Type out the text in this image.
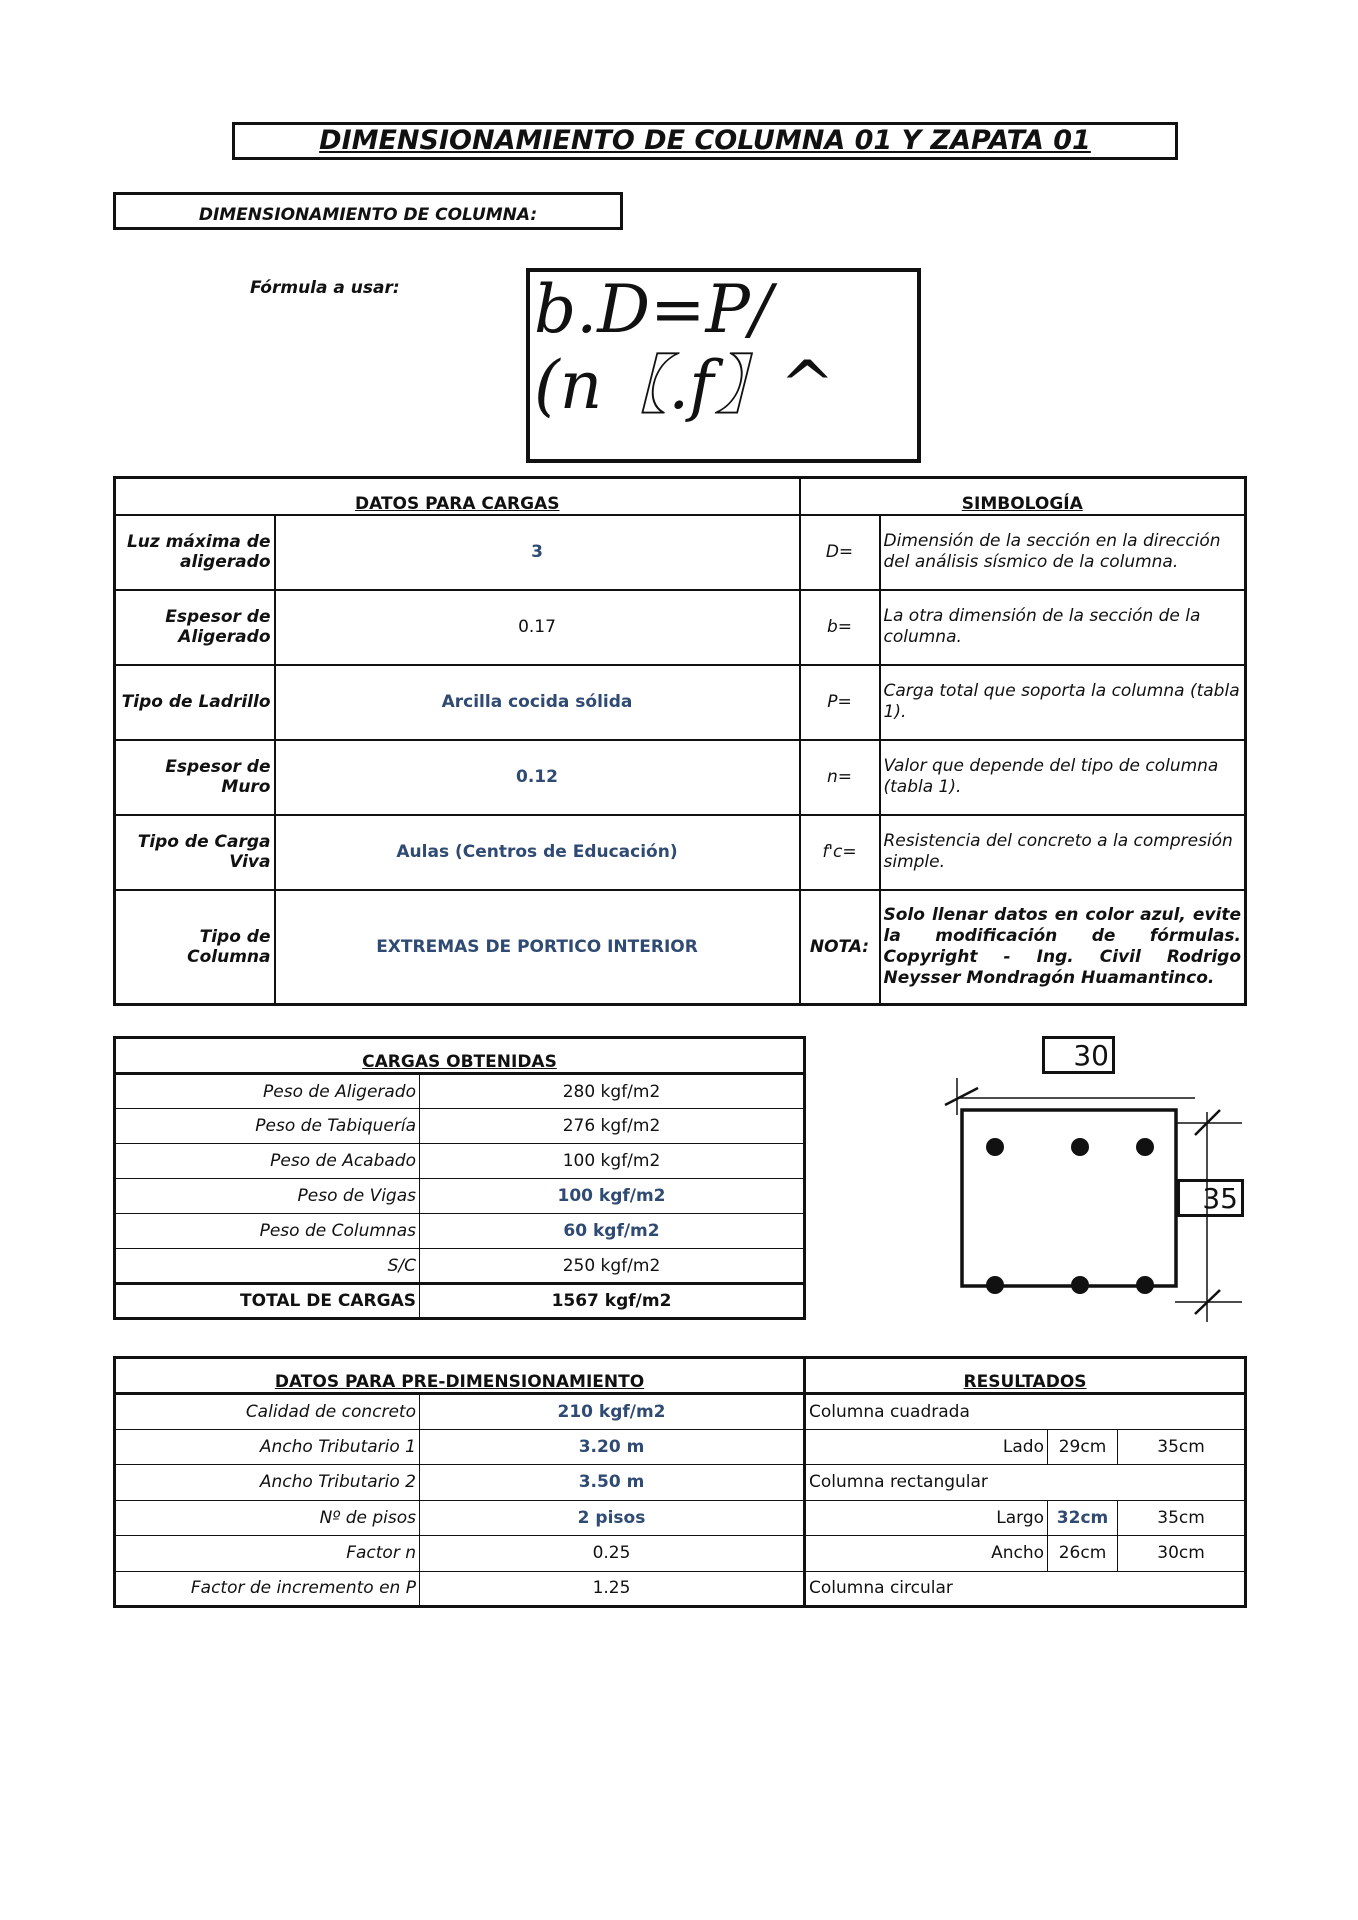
DIMENSIONAMIENTO DE COLUMNA 01 Y ZAPATA 01
DIMENSIONAMIENTO DE COLUMNA:
Fórmula a usar: b.D=P/
(n〖.f〗^
DATOS PARA CARGAS		SIMBOLOGÍA	
Luz máxima de aligerado	3	D=	Dimensión de la sección en la dirección del análisis sísmico de la columna.
Espesor de Aligerado	0.17	b=	La otra dimensión de la sección de la columna.
Tipo de Ladrillo	Arcilla cocida sólida	P=	Carga total que soporta la columna (tabla 1).
Espesor de Muro	0.12	n=	Valor que depende del tipo de columna (tabla 1).
Tipo de Carga Viva	Aulas (Centros de Educación)	f'c=	Resistencia del concreto a la compresión simple.
Tipo de Columna	EXTREMAS DE PORTICO INTERIOR	NOTA:	Solo llenar datos en color azul, evite la modificación de fórmulas. Copyright - Ing. Civil Rodrigo Neysser Mondragón Huamantinco.
CARGAS OBTENIDAS	
Peso de Aligerado	280 kgf/m2
Peso de Tabiquería	276 kgf/m2
Peso de Acabado	100 kgf/m2
Peso de Vigas	100 kgf/m2
Peso de Columnas	60 kgf/m2
S/C	250 kgf/m2
TOTAL DE CARGAS	1567 kgf/m2
30
35
DATOS PARA PRE-DIMENSIONAMIENTO		RESULTADOS		
Calidad de concreto	210 kgf/m2	Columna cuadrada		
Ancho Tributario 1	3.20 m	Lado	29cm	35cm
Ancho Tributario 2	3.50 m	Columna rectangular		
Nº de pisos	2 pisos	Largo	32cm	35cm
Factor n	0.25	Ancho	26cm	30cm
Factor de incremento en P	1.25	Columna circular		
